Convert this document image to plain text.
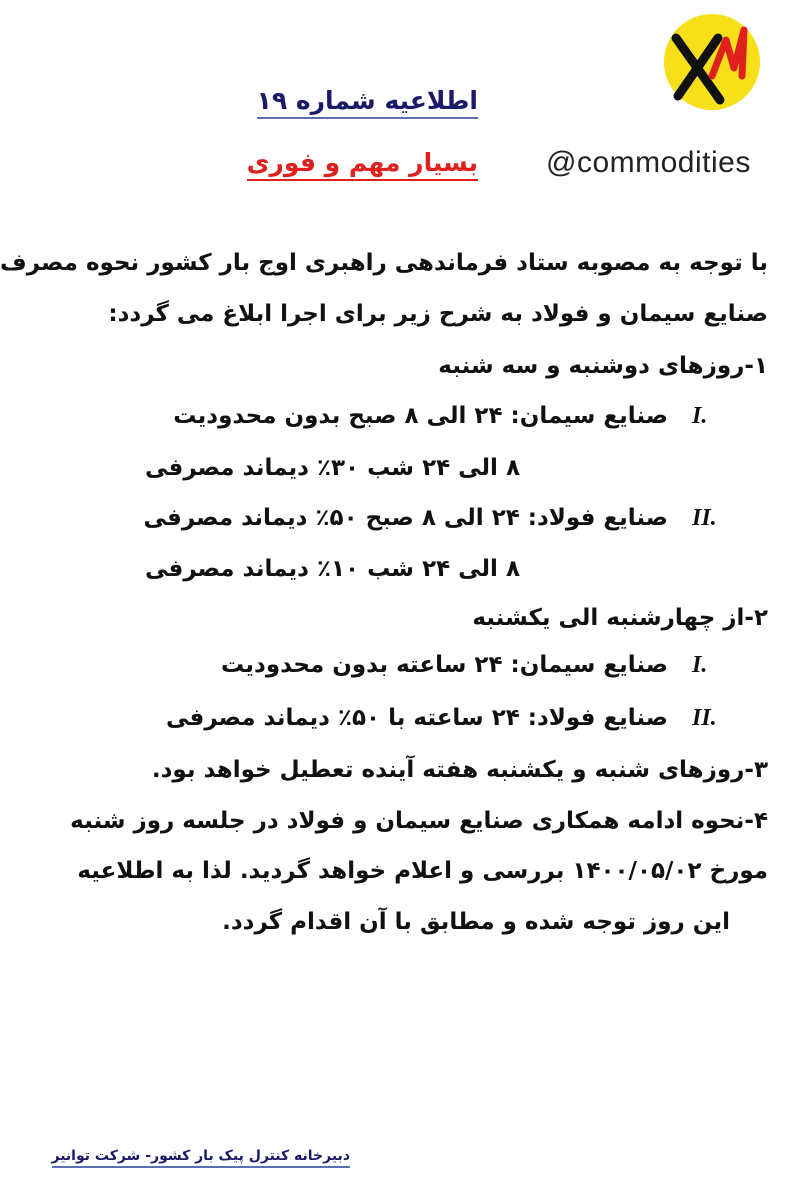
@commodities
اطلاعیه شماره ۱۹
بسیار مهم و فوری
با توجه به مصوبه ستاد فرماندهی راهبری اوج بار کشور نحوه مصرف
صنایع سیمان و فولاد به شرح زیر برای اجرا ابلاغ می گردد:
۱-روزهای دوشنبه و سه شنبه
I.
صنایع سیمان: ۲۴ الی ۸ صبح بدون محدودیت
۸ الی ۲۴ شب ۳۰٪ دیماند مصرفی
II.
صنایع فولاد: ۲۴ الی ۸ صبح ۵۰٪ دیماند مصرفی
۸ الی ۲۴ شب ۱۰٪ دیماند مصرفی
۲-از چهارشنبه الی یکشنبه
I.
صنایع سیمان: ۲۴ ساعته بدون محدودیت
II.
صنایع فولاد: ۲۴ ساعته با ۵۰٪ دیماند مصرفی
۳-روزهای شنبه و یکشنبه هفته آینده تعطیل خواهد بود.
۴-نحوه ادامه همکاری صنایع سیمان و فولاد در جلسه روز شنبه
مورخ ۱۴۰۰/۰۵/۰۲ بررسی و اعلام خواهد گردید. لذا به اطلاعیه
این روز توجه شده و مطابق با آن اقدام گردد.
دبیرخانه کنترل پیک بار کشور- شرکت توانیر
